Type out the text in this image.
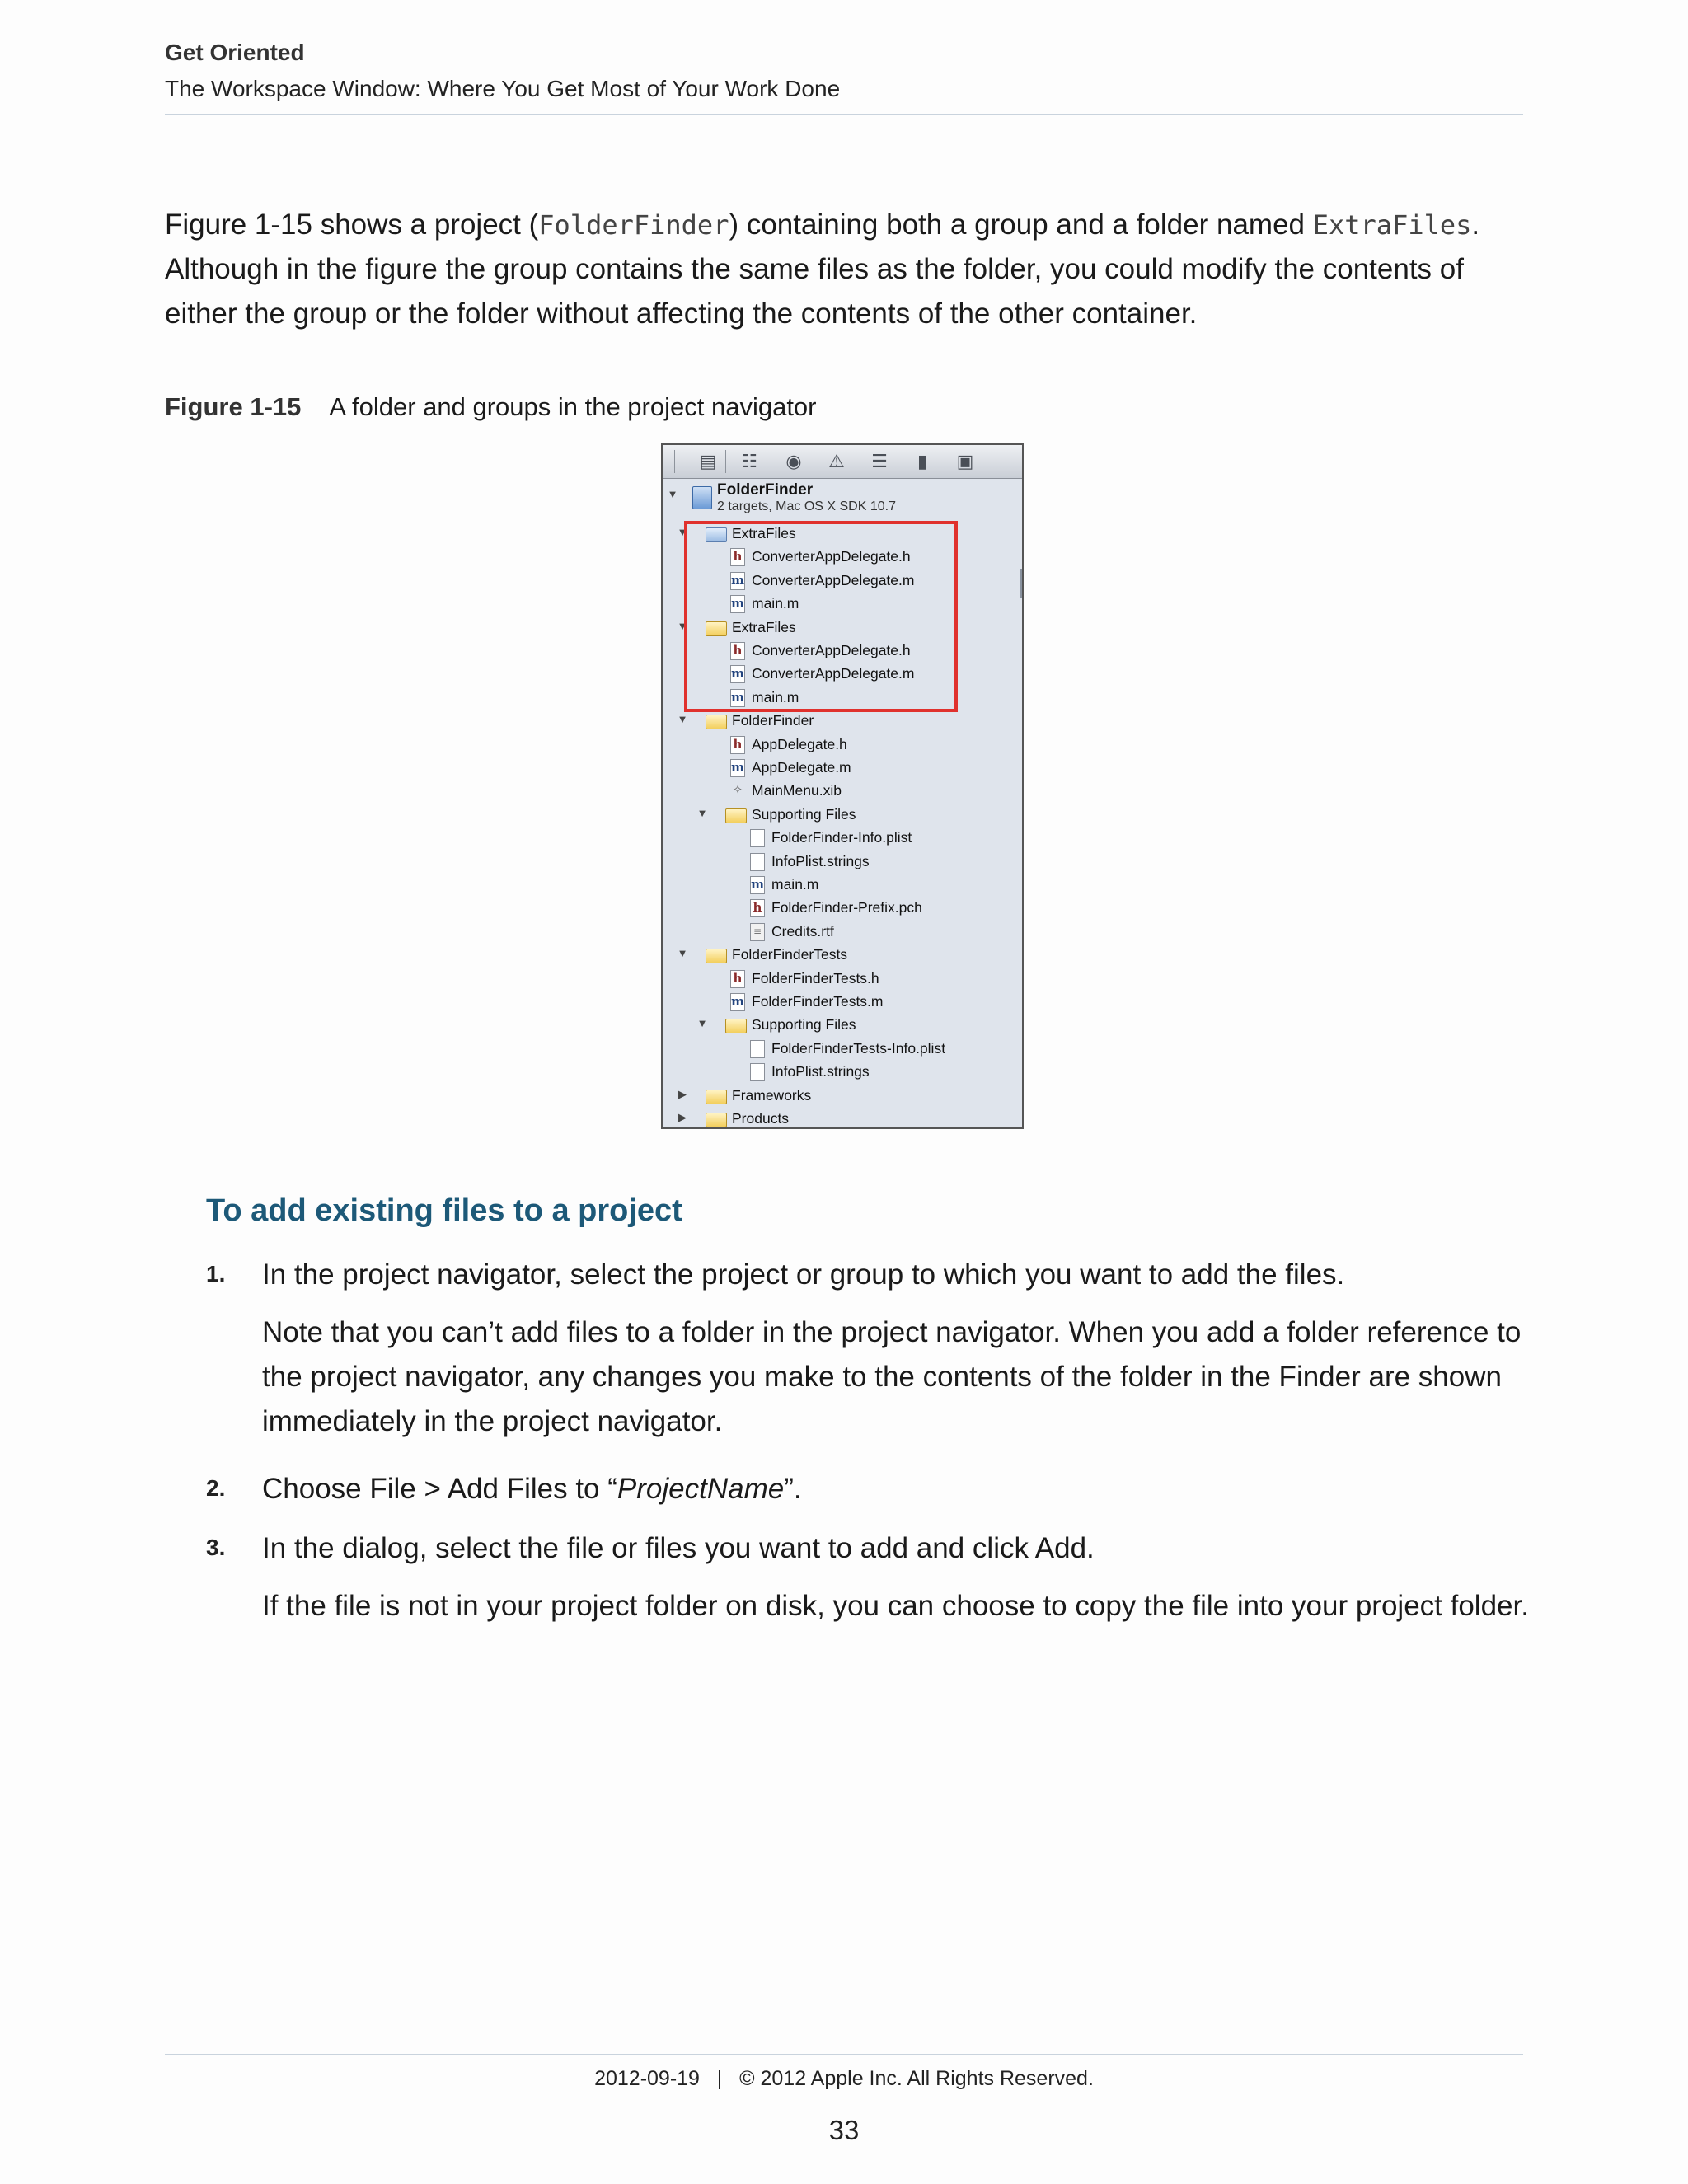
Get Oriented
The Workspace Window: Where You Get Most of Your Work Done
Figure 1-15 shows a project (FolderFinder) containing both a group and a folder named ExtraFiles. Although in the figure the group contains the same files as the folder, you could modify the contents of either the group or the folder without affecting the contents of the other container.
Figure 1-15 A folder and groups in the project navigator
▤ ☷ ◉ ⚠ ☰	▮	▣
▼	FolderFinder
2 targets, Mac OS X SDK 10.7
▼	ExtraFiles
h ConverterAppDelegate.h
m ConverterAppDelegate.m
m main.m
▼	ExtraFiles
h ConverterAppDelegate.h
m ConverterAppDelegate.m
m main.m
▼	FolderFinder
h AppDelegate.h
m AppDelegate.m
✧ MainMenu.xib
▼	Supporting Files
FolderFinder-Info.plist
InfoPlist.strings
m main.m
h FolderFinder-Prefix.pch
≡ Credits.rtf
▼	FolderFinderTests
h FolderFinderTests.h
m FolderFinderTests.m
▼	Supporting Files
FolderFinderTests-Info.plist
InfoPlist.strings
▶	Frameworks
▶	Products
To add existing files to a project
1. In the project navigator, select the project or group to which you want to add the files.
Note that you can’t add files to a folder in the project navigator. When you add a folder reference to the project navigator, any changes you make to the contents of the folder in the Finder are shown immediately in the project navigator.
2. Choose File > Add Files to “ProjectName”.
3. In the dialog, select the file or files you want to add and click Add.
If the file is not in your project folder on disk, you can choose to copy the file into your project folder.
2012-09-19   |   © 2012 Apple Inc. All Rights Reserved.
33
